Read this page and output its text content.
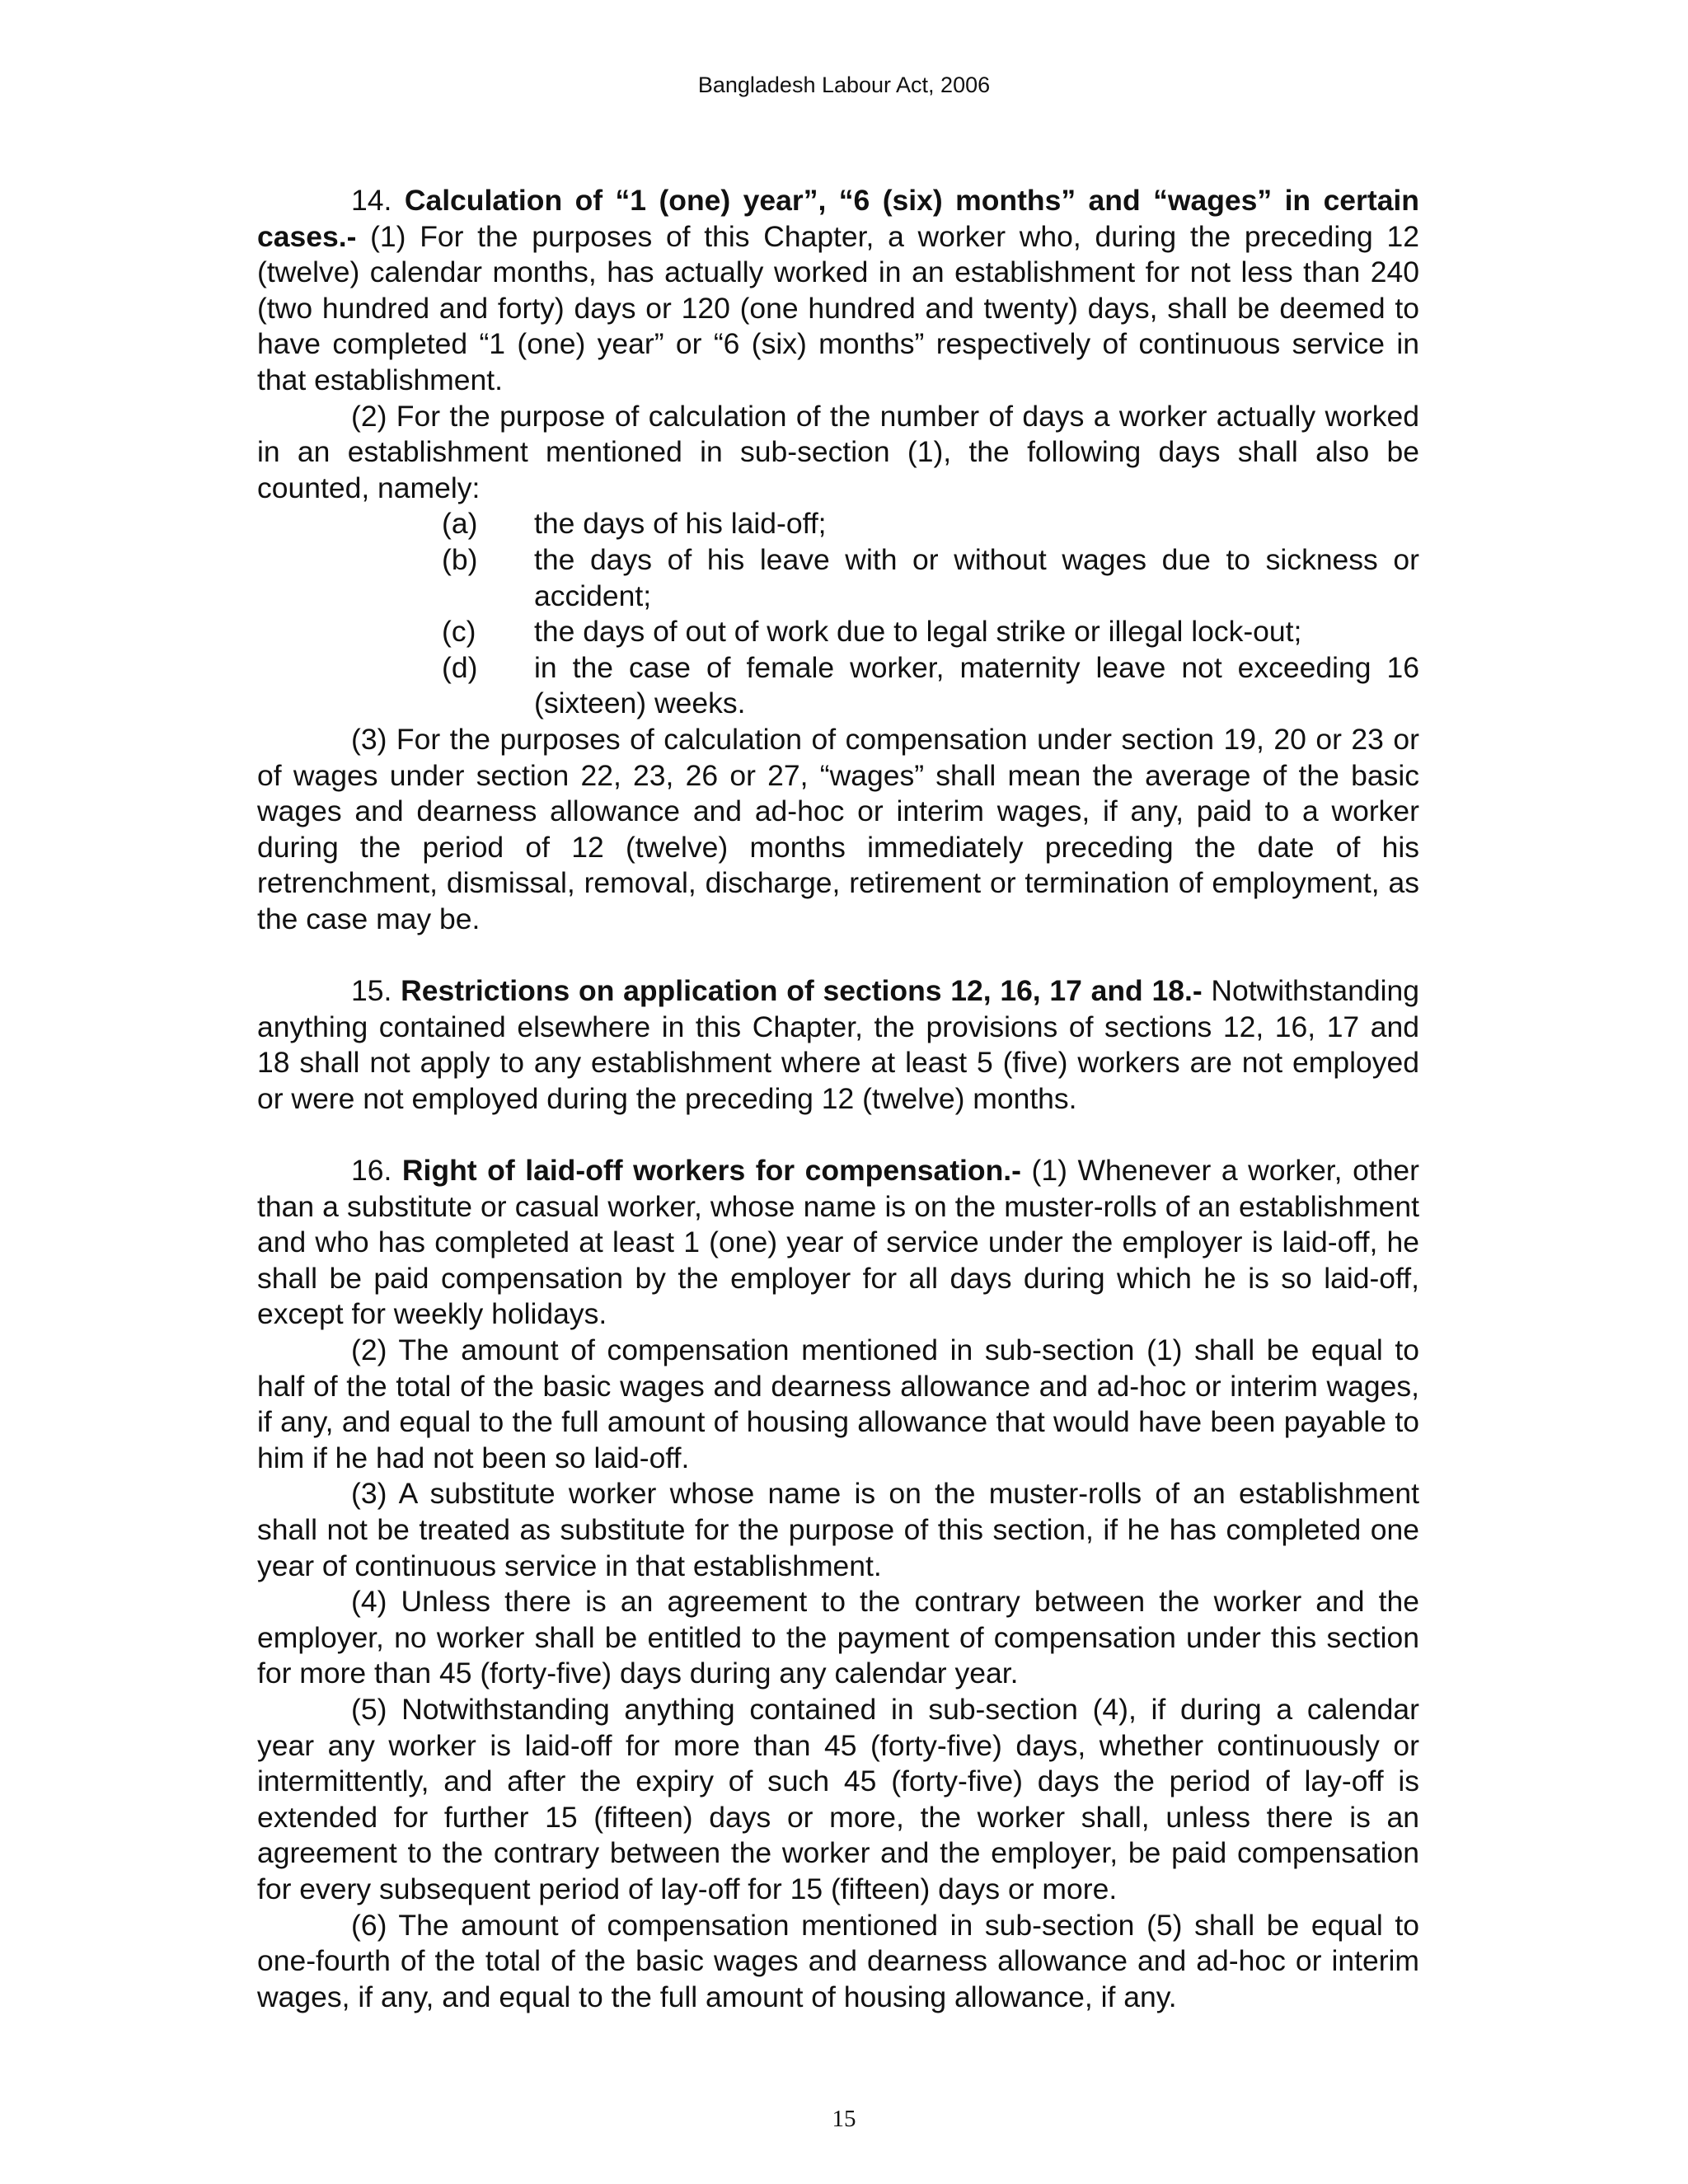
Bangladesh Labour Act, 2006

14. Calculation of “1 (one) year”, “6 (six) months” and “wages” in certain cases.- (1) For the purposes of this Chapter, a worker who, during the preceding 12 (twelve) calendar months, has actually worked in an establishment for not less than 240 (two hundred and forty) days or 120 (one hundred and twenty) days, shall be deemed to have completed “1 (one) year” or “6 (six) months” respectively of continuous service in that establishment.

(2) For the purpose of calculation of the number of days a worker actually worked in an establishment mentioned in sub-section (1), the following days shall also be counted, namely:

(a)	the days of his laid-off;
(b)	the days of his leave with or without wages due to sickness or accident;
(c)	the days of out of work due to legal strike or illegal lock-out;
(d)	in the case of female worker, maternity leave not exceeding 16 (sixteen) weeks.

(3) For the purposes of calculation of compensation under section 19, 20 or 23 or of wages under section 22, 23, 26 or 27, “wages” shall mean the average of the basic wages and dearness allowance and ad-hoc or interim wages, if any, paid to a worker during the period of 12 (twelve) months immediately preceding the date of his retrenchment, dismissal, removal, discharge, retirement or termination of employment, as the case may be.

15. Restrictions on application of sections 12, 16, 17 and 18.- Notwithstanding anything contained elsewhere in this Chapter, the provisions of sections 12, 16, 17 and 18 shall not apply to any establishment where at least 5 (five) workers are not employed or were not employed during the preceding 12 (twelve) months.

16. Right of laid-off workers for compensation.- (1) Whenever a worker, other than a substitute or casual worker, whose name is on the muster-rolls of an establishment and who has completed at least 1 (one) year of service under the employer is laid-off, he shall be paid compensation by the employer for all days during which he is so laid-off, except for weekly holidays.

(2) The amount of compensation mentioned in sub-section (1) shall be equal to half of the total of the basic wages and dearness allowance and ad-hoc or interim wages, if any, and equal to the full amount of housing allowance that would have been payable to him if he had not been so laid-off.

(3) A substitute worker whose name is on the muster-rolls of an establishment shall not be treated as substitute for the purpose of this section, if he has completed one year of continuous service in that establishment.

(4) Unless there is an agreement to the contrary between the worker and the employer, no worker shall be entitled to the payment of compensation under this section for more than 45 (forty-five) days during any calendar year.

(5) Notwithstanding anything contained in sub-section (4), if during a calendar year any worker is laid-off for more than 45 (forty-five) days, whether continuously or intermittently, and after the expiry of such 45 (forty-five) days the period of lay-off is extended for further 15 (fifteen) days or more, the worker shall, unless there is an agreement to the contrary between the worker and the employer, be paid compensation for every subsequent period of lay-off for 15 (fifteen) days or more.

(6) The amount of compensation mentioned in sub-section (5) shall be equal to one-fourth of the total of the basic wages and dearness allowance and ad-hoc or interim wages, if any, and equal to the full amount of housing allowance, if any.

15
